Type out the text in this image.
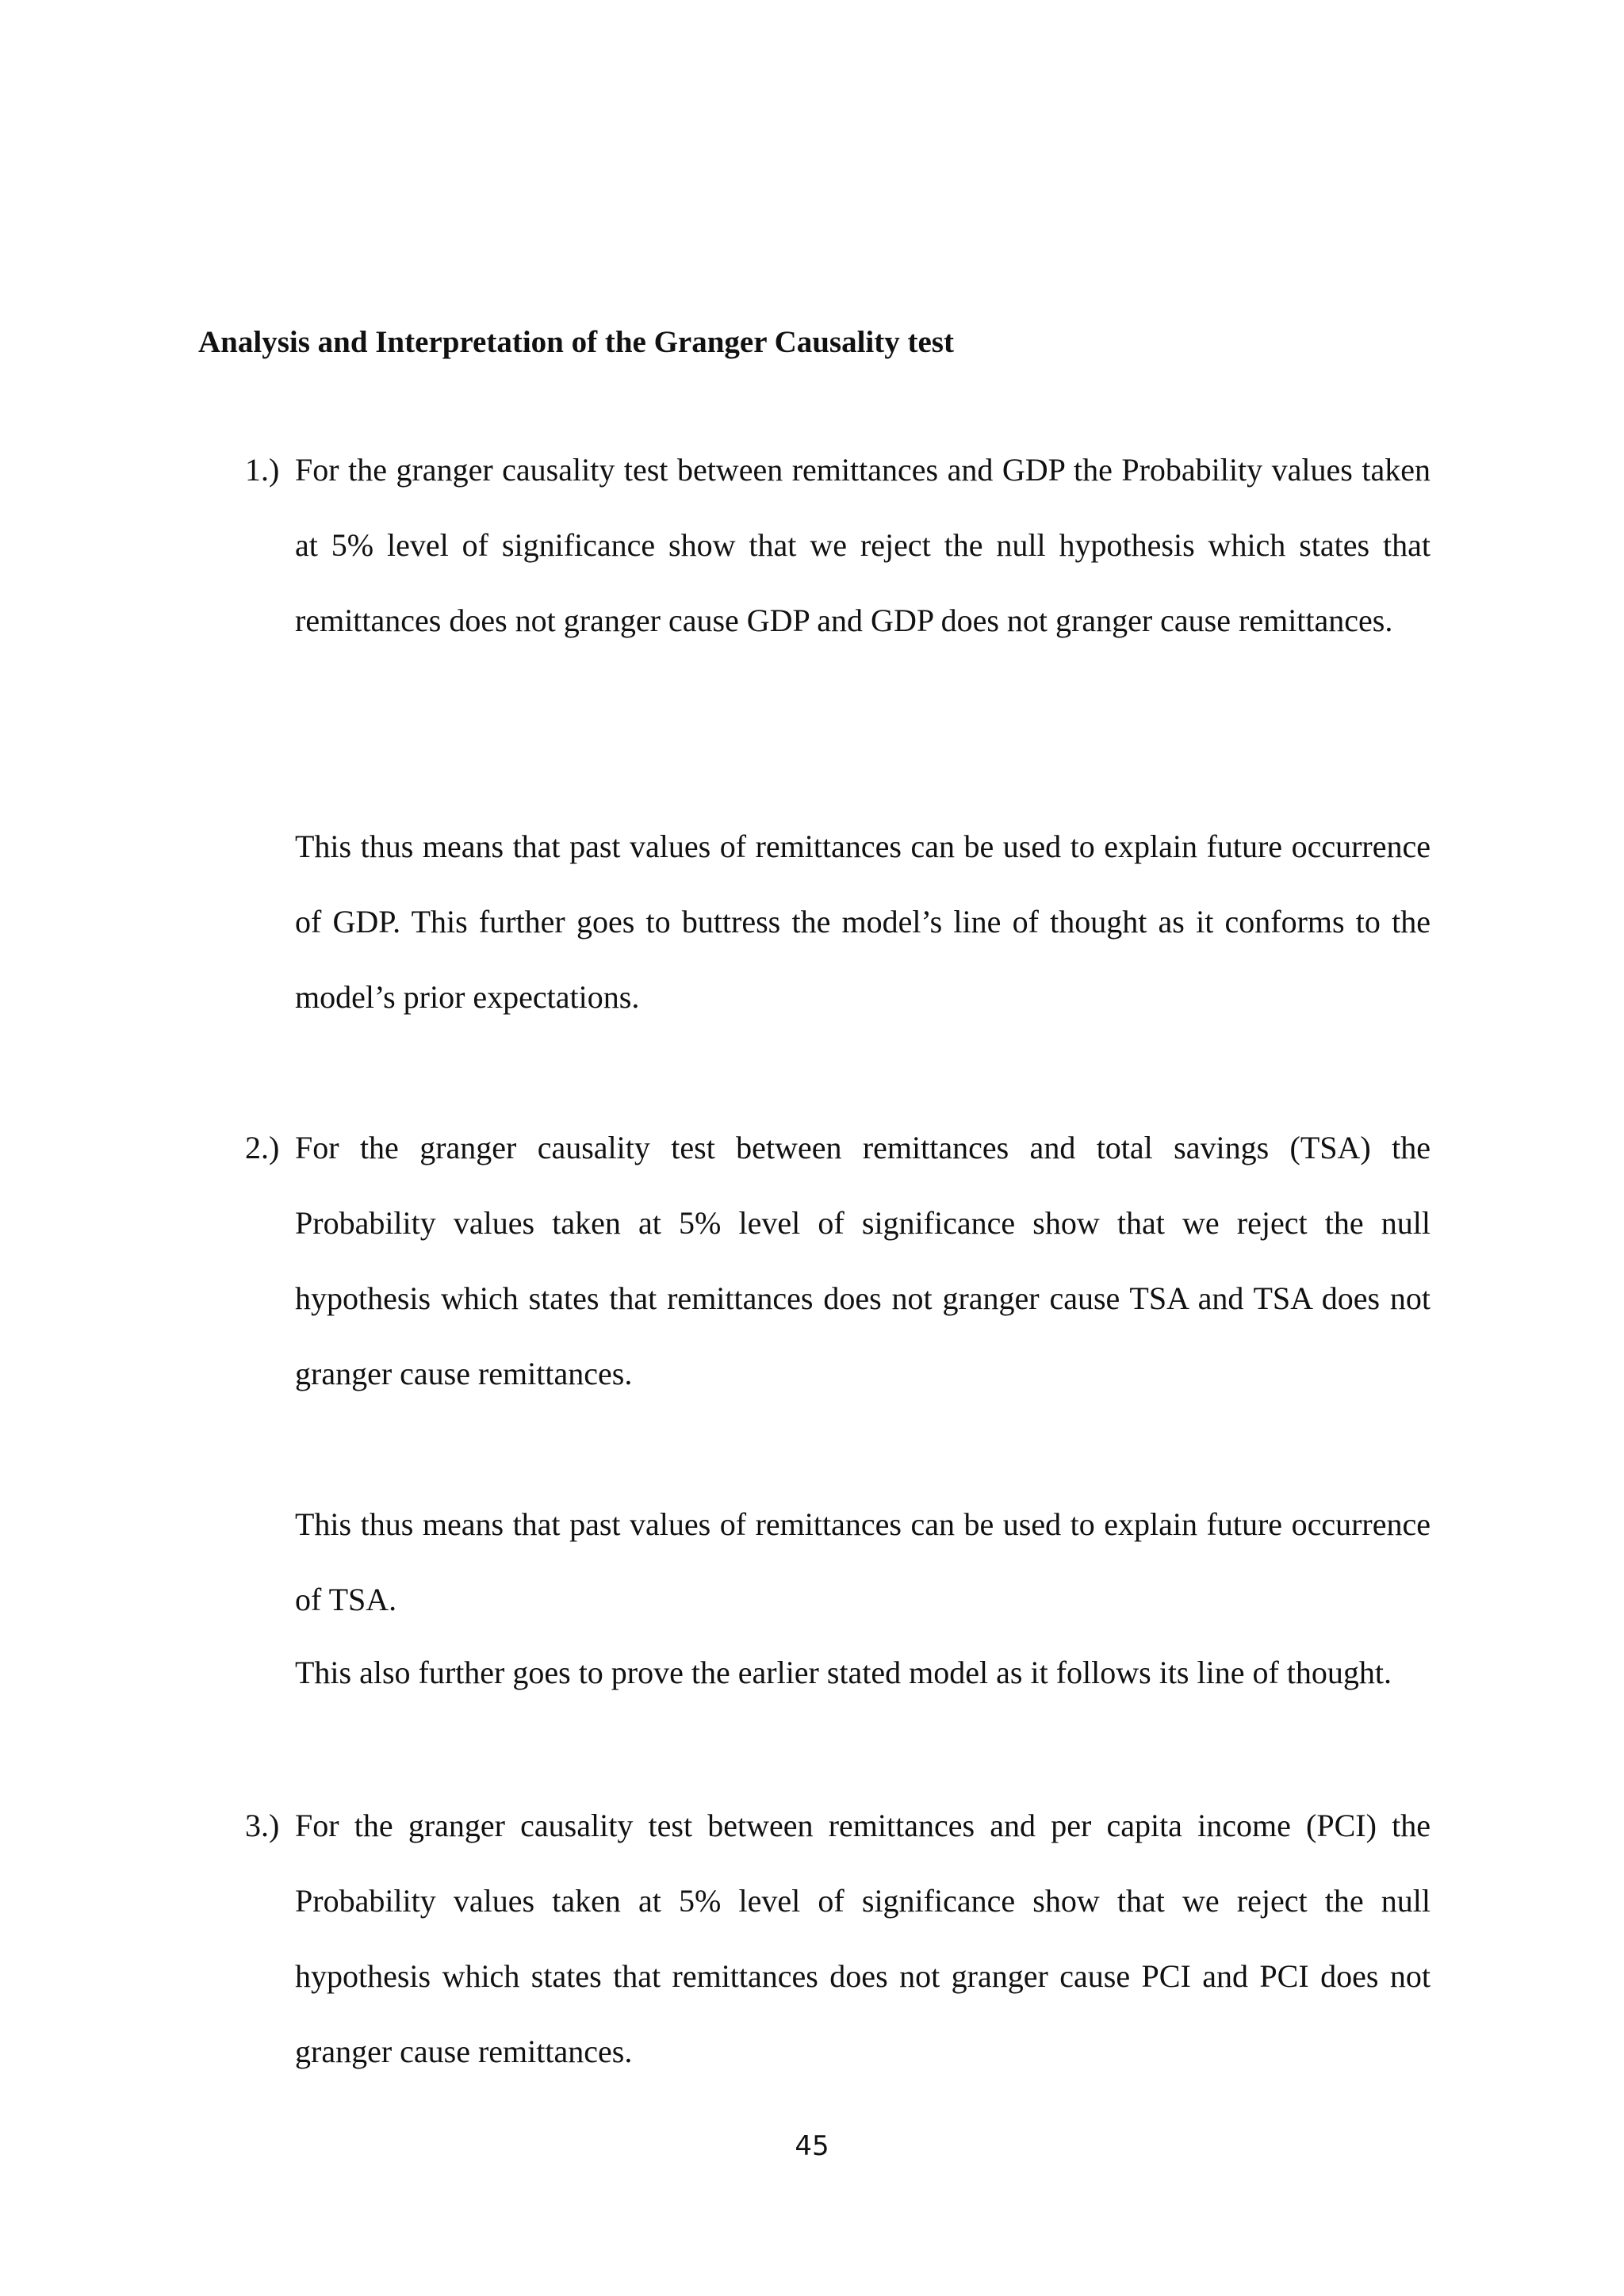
Analysis and Interpretation of the Granger Causality test
1.) For the granger causality test between remittances and GDP the Probability values taken at 5% level of significance show that we reject the null hypothesis which states that remittances does not granger cause GDP and GDP does not granger cause remittances.

This thus means that past values of remittances can be used to explain future occurrence of GDP. This further goes to buttress the model’s line of thought as it conforms to the model’s prior expectations.

2.) For the granger causality test between remittances and total savings (TSA) the Probability values taken at 5% level of significance show that we reject the null hypothesis which states that remittances does not granger cause TSA and TSA does not granger cause remittances.

This thus means that past values of remittances can be used to explain future occurrence of TSA.

This also further goes to prove the earlier stated model as it follows its line of thought.

3.) For the granger causality test between remittances and per capita income (PCI) the Probability values taken at 5% level of significance show that we reject the null hypothesis which states that remittances does not granger cause PCI and PCI does not granger cause remittances.

45
